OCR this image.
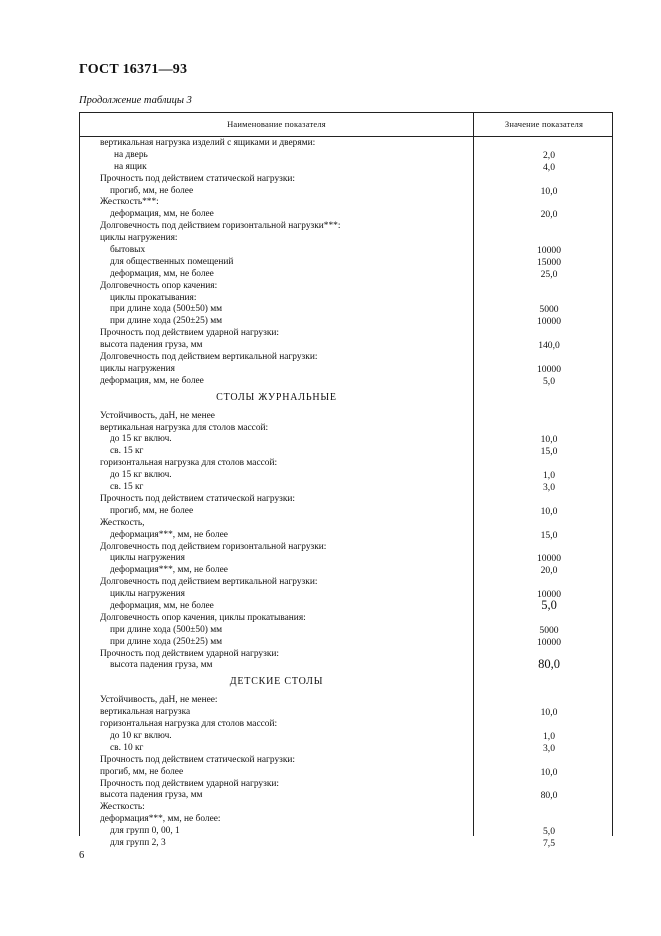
ГОСТ 16371—93
Продолжение таблицы 3
Наименование показателя	Значение показателя
вертикальная нагрузка изделий с ящиками и дверями:
на дверь	2,0
на ящик	4,0
Прочность под действием статической нагрузки:
прогиб, мм, не более	10,0
Жесткость***:
деформация, мм, не более	20,0
Долговечность под действием горизонтальной нагрузки***:
циклы нагружения:
бытовых	10000
для общественных помещений	15000
деформация, мм, не более	25,0
Долговечность опор качения:
циклы прокатывания:
при длине хода (500±50) мм	5000
при длине хода (250±25) мм	10000
Прочность под действием ударной нагрузки:
высота падения груза, мм	140,0
Долговечность под действием вертикальной нагрузки:
циклы нагружения	10000
деформация, мм, не более	5,0
СТОЛЫ ЖУРНАЛЬНЫЕ
Устойчивость, даН, не менее
вертикальная нагрузка для столов массой:
до 15 кг включ.	10,0
св. 15 кг	15,0
горизонтальная нагрузка для столов массой:
до 15 кг включ.	1,0
св. 15 кг	3,0
Прочность под действием статической нагрузки:
прогиб, мм, не более	10,0
Жесткость,
деформация***, мм, не более	15,0
Долговечность под действием горизонтальной нагрузки:
циклы нагружения	10000
деформация***, мм, не более	20,0
Долговечность под действием вертикальной нагрузки:
циклы нагружения	10000
деформация, мм, не более	5,0
Долговечность опор качения, циклы прокатывания:
при длине хода (500±50) мм	5000
при длине хода (250±25) мм	10000
Прочность под действием ударной нагрузки:
высота падения груза, мм	80,0
ДЕТСКИЕ СТОЛЫ
Устойчивость, даН, не менее:
вертикальная нагрузка	10,0
горизонтальная нагрузка для столов массой:
до 10 кг включ.	1,0
св. 10 кг	3,0
Прочность под действием статической нагрузки:
прогиб, мм, не более	10,0
Прочность под действием ударной нагрузки:
высота падения груза, мм	80,0
Жесткость:
деформация***, мм, не более:
для групп 0, 00, 1	5,0
для групп 2, 3	7,5
6
